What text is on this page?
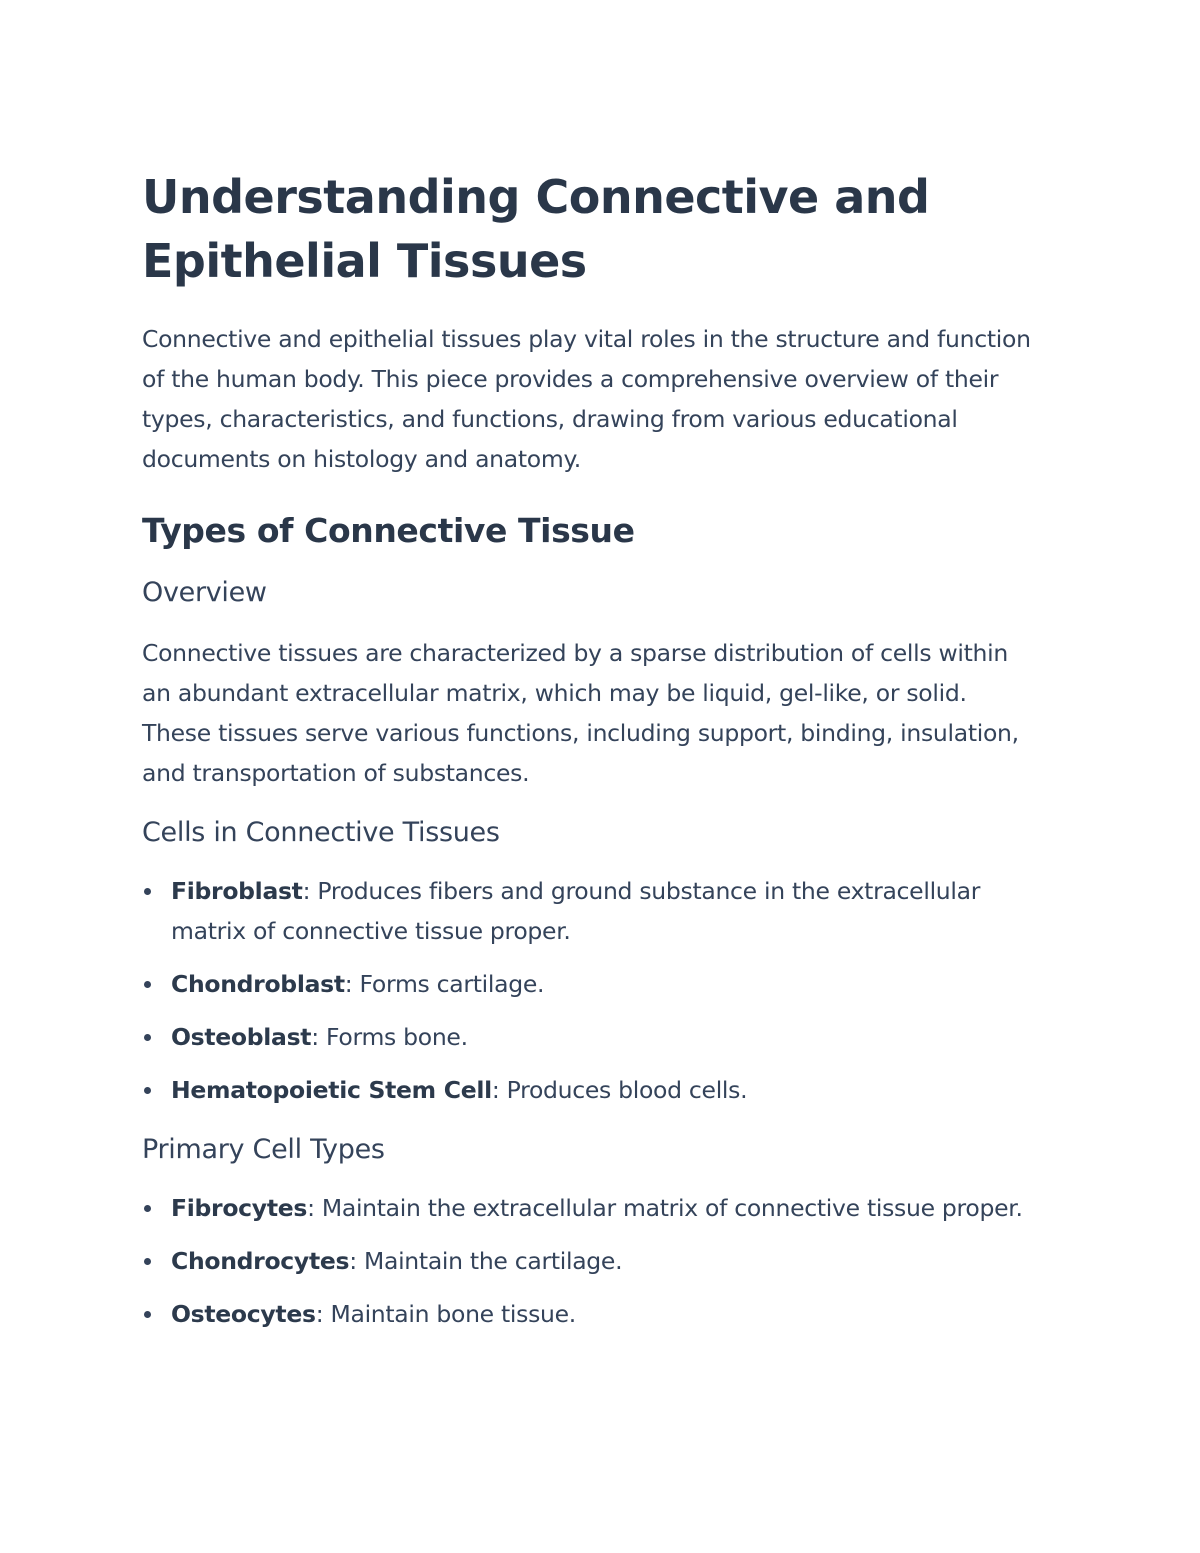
Understanding Connective and Epithelial Tissues

Connective and epithelial tissues play vital roles in the structure and function of the human body. This piece provides a comprehensive overview of their types, characteristics, and functions, drawing from various educational documents on histology and anatomy.

Types of Connective Tissue
Overview

Connective tissues are characterized by a sparse distribution of cells within an abundant extracellular matrix, which may be liquid, gel-like, or solid. These tissues serve various functions, including support, binding, insulation, and transportation of substances.

Cells in Connective Tissues
Fibroblast: Produces fibers and ground substance in the extracellular matrix of connective tissue proper.
Chondroblast: Forms cartilage.
Osteoblast: Forms bone.
Hematopoietic Stem Cell: Produces blood cells.
Primary Cell Types
Fibrocytes: Maintain the extracellular matrix of connective tissue proper.
Chondrocytes: Maintain the cartilage.
Osteocytes: Maintain bone tissue.
